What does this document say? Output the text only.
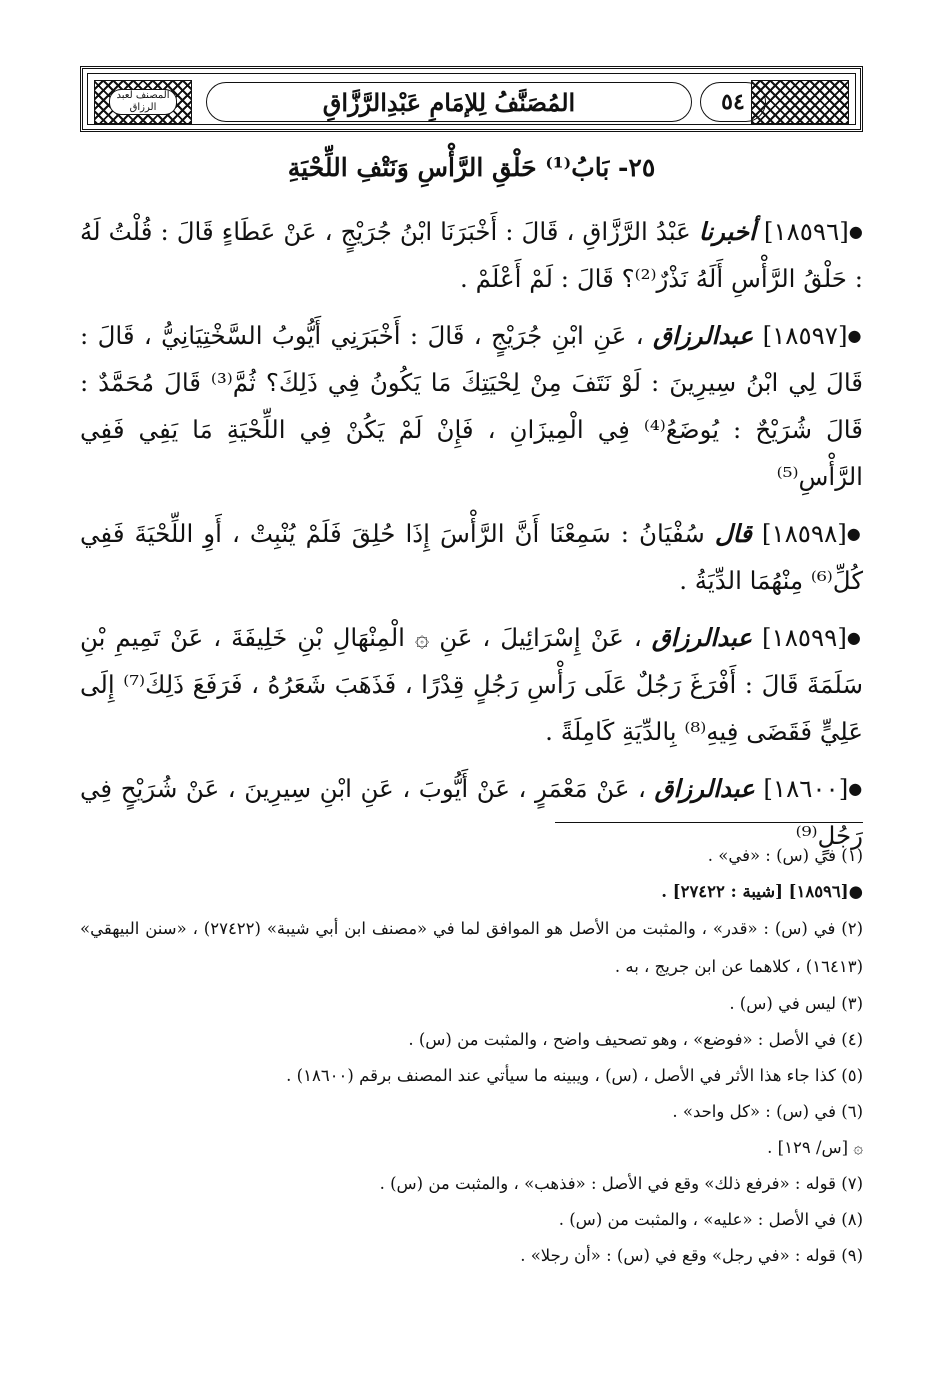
المصنف لعبد الرزاق	المُصَنَّفُ لِلإمَامِ عَبْدِالرَّزَّاقِ	٥٤
٢٥- بَابُ⁽¹⁾ حَلْقِ الرَّأْسِ وَنَتْفِ اللِّحْيَةِ

●[١٨٥٩٦] أخبرنا عَبْدُ الرَّزَّاقِ ، قَالَ : أَخْبَرَنَا ابْنُ جُرَيْجٍ ، عَنْ عَطَاءٍ قَالَ : قُلْتُ لَهُ : حَلْقُ الرَّأْسِ أَلَهُ نَذْرٌ⁽²⁾؟ قَالَ : لَمْ أَعْلَمْ .

●[١٨٥٩٧] عبدالرزاق ، عَنِ ابْنِ جُرَيْجٍ ، قَالَ : أَخْبَرَنِي أَيُّوبُ السَّخْتِيَانِيُّ ، قَالَ : قَالَ لِي ابْنُ سِيرِينَ : لَوْ نَتَفَ مِنْ لِحْيَتِكَ مَا يَكُونُ فِي ذَلِكَ؟ ثُمَّ⁽³⁾ قَالَ مُحَمَّدٌ : قَالَ شُرَيْحٌ : يُوضَعُ⁽⁴⁾ فِي الْمِيزَانِ ، فَإِنْ لَمْ يَكُنْ فِي اللِّحْيَةِ مَا يَفِي فَفِي الرَّأْسِ⁽⁵⁾

●[١٨٥٩٨] قال سُفْيَانُ : سَمِعْنَا أَنَّ الرَّأْسَ إِذَا حُلِقَ فَلَمْ يُنْبِتْ ، أَوِ اللِّحْيَةَ فَفِي كُلِّ⁽⁶⁾ مِنْهُمَا الدِّيَةُ .

●[١٨٥٩٩] عبدالرزاق ، عَنْ إِسْرَائِيلَ ، عَنِ ۞ الْمِنْهَالِ بْنِ خَلِيفَةَ ، عَنْ تَمِيمِ بْنِ سَلَمَةَ قَالَ : أَفْرَغَ رَجُلٌ عَلَى رَأْسِ رَجُلٍ قِدْرًا ، فَذَهَبَ شَعَرُهُ ، فَرَفَعَ ذَلِكَ⁽⁷⁾ إِلَى عَلِيٍّ فَقَضَى فِيهِ⁽⁸⁾ بِالدِّيَةِ كَامِلَةً .

●[١٨٦٠٠] عبدالرزاق ، عَنْ مَعْمَرٍ ، عَنْ أَيُّوبَ ، عَنِ ابْنِ سِيرِينَ ، عَنْ شُرَيْحٍ فِي رَجُلٍ⁽⁹⁾

(١) في (س) : «في» .

●[١٨٥٩٦] [شيبة : ٢٧٤٢٢] .

(٢) في (س) : «قدر» ، والمثبت من الأصل هو الموافق لما في «مصنف ابن أبي شيبة» (٢٧٤٢٢) ، «سنن البيهقي» (١٦٤١٣) ، كلاهما عن ابن جريج ، به .

(٣) ليس في (س) .

(٤) في الأصل : «فوضع» ، وهو تصحيف واضح ، والمثبت من (س) .

(٥) كذا جاء هذا الأثر في الأصل ، (س) ، ويبينه ما سيأتي عند المصنف برقم (١٨٦٠٠) .

(٦) في (س) : «كل واحد» .

۞ [س/ ١٢٩] .

(٧) قوله : «فرفع ذلك» وقع في الأصل : «فذهب» ، والمثبت من (س) .

(٨) في الأصل : «عليه» ، والمثبت من (س) .

(٩) قوله : «في رجل» وقع في (س) : «أن رجلا» .
